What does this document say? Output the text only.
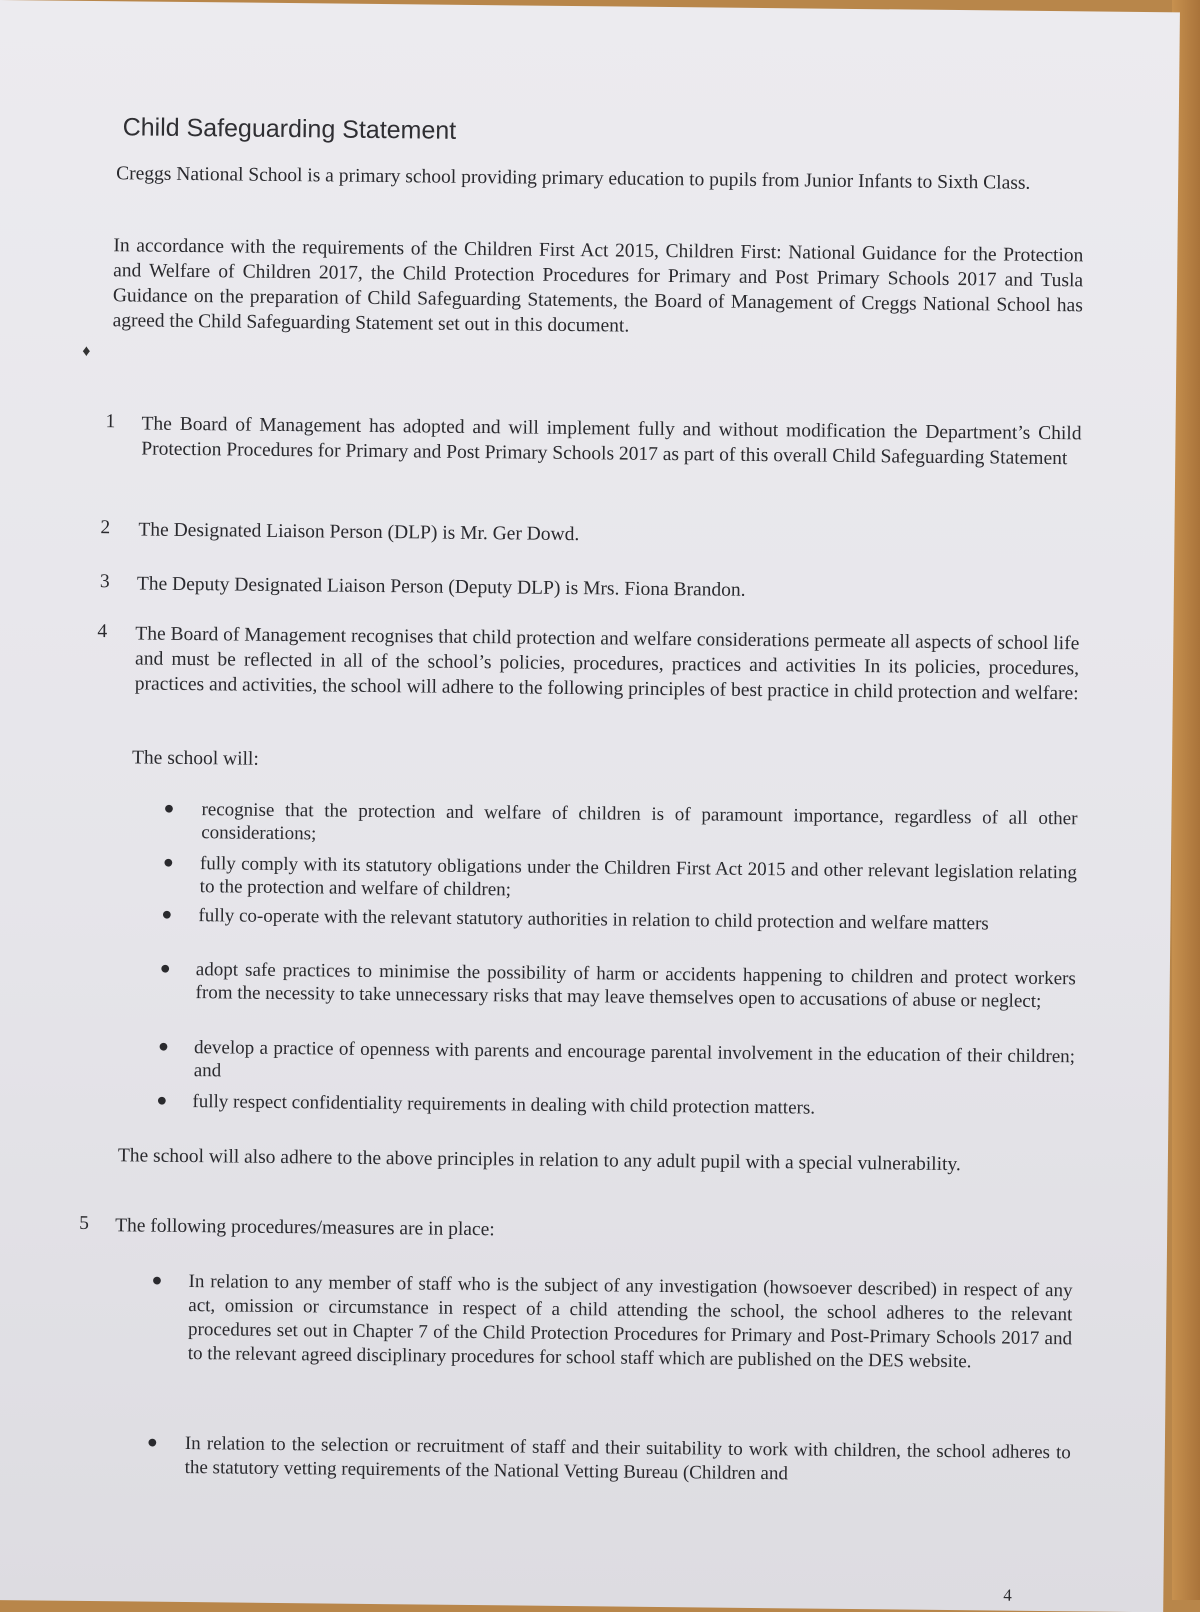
Child Safeguarding Statement

Creggs National School is a primary school providing primary education to pupils from Junior Infants to Sixth Class.

In accordance with the requirements of the Children First Act 2015, Children First: National Guidance for the Protection and Welfare of Children 2017, the Child Protection Procedures for Primary and Post Primary Schools 2017 and Tusla Guidance on the preparation of Child Safeguarding Statements, the Board of Management of Creggs National School has agreed the Child Safeguarding Statement set out in this document.

♦
1 The Board of Management has adopted and will implement fully and without modification the Department’s Child Protection Procedures for Primary and Post Primary Schools 2017 as part of this overall Child Safeguarding Statement

2 The Designated Liaison Person (DLP) is Mr. Ger Dowd.

3 The Deputy Designated Liaison Person (Deputy DLP) is Mrs. Fiona Brandon.

4 The Board of Management recognises that child protection and welfare considerations permeate all aspects of school life and must be reflected in all of the school’s policies, procedures, practices and activities In its policies, procedures, practices and activities, the school will adhere to the following principles of best practice in child protection and welfare:

The school will:

● recognise that the protection and welfare of children is of paramount importance, regardless of all other considerations;

● fully comply with its statutory obligations under the Children First Act 2015 and other relevant legislation relating to the protection and welfare of children;

● fully co-operate with the relevant statutory authorities in relation to child protection and welfare matters

● adopt safe practices to minimise the possibility of harm or accidents happening to children and protect workers from the necessity to take unnecessary risks that may leave themselves open to accusations of abuse or neglect;

● develop a practice of openness with parents and encourage parental involvement in the education of their children; and

● fully respect confidentiality requirements in dealing with child protection matters.

The school will also adhere to the above principles in relation to any adult pupil with a special vulnerability.

5 The following procedures/measures are in place:

● In relation to any member of staff who is the subject of any investigation (howsoever described) in respect of any act, omission or circumstance in respect of a child attending the school, the school adheres to the relevant procedures set out in Chapter 7 of the Child Protection Procedures for Primary and Post-Primary Schools 2017 and to the relevant agreed disciplinary procedures for school staff which are published on the DES website.

● In relation to the selection or recruitment of staff and their suitability to work with children, the school adheres to the statutory vetting requirements of the National Vetting Bureau (Children and

4
